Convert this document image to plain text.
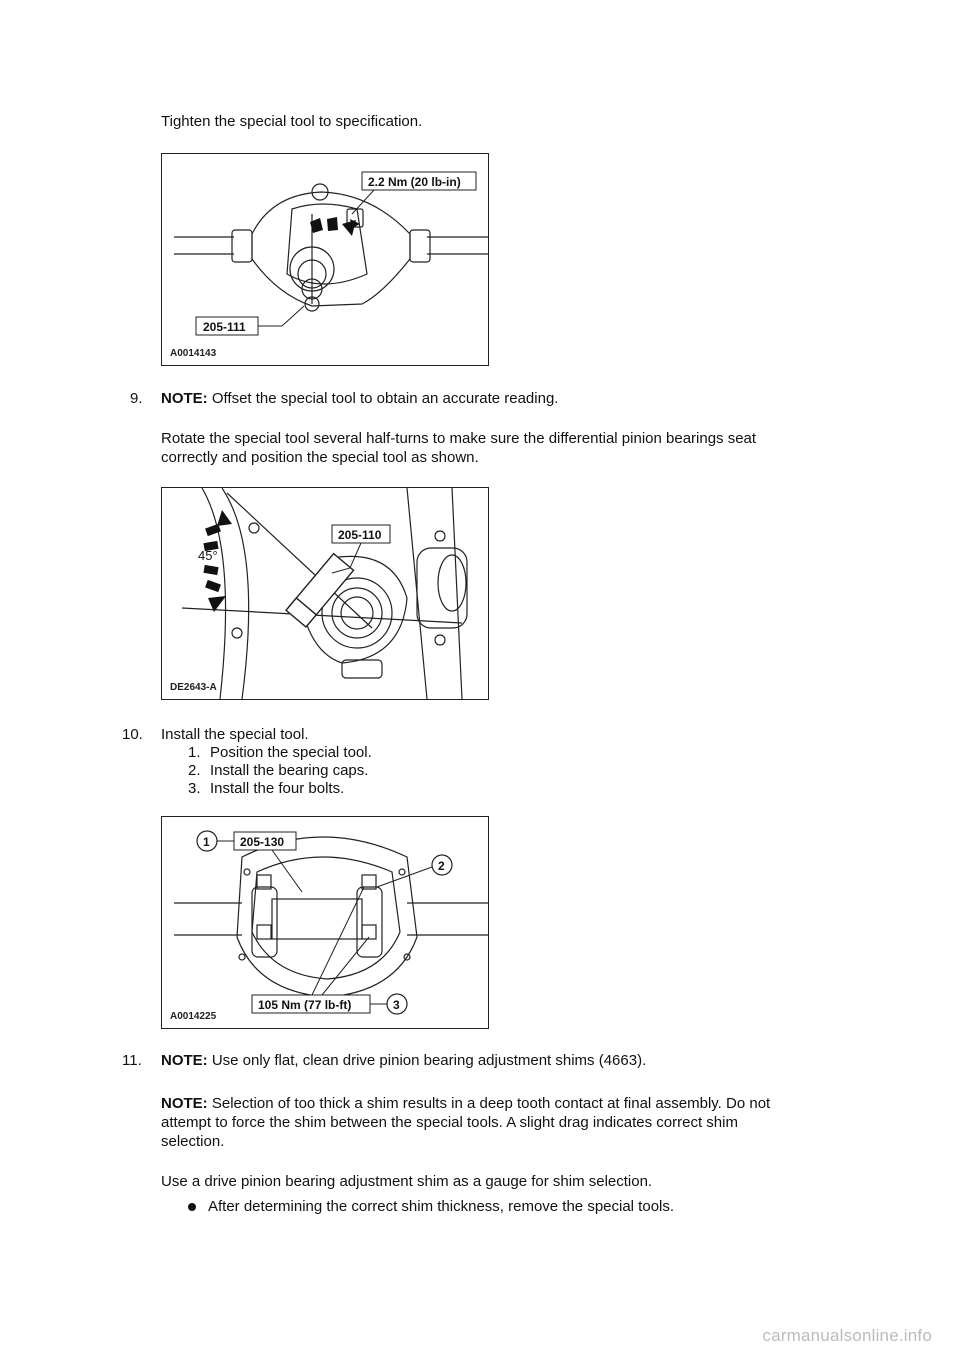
Tighten the special tool to specification.
2.2 Nm (20 lb-in)
205-111
A0014143
9. NOTE: Offset the special tool to obtain an accurate reading.
Rotate the special tool several half-turns to make sure the differential pinion bearings seat
correctly and position the special tool as shown.
45°
205-110
DE2643-A
10. Install the special tool.
1. Position the special tool.
2. Install the bearing caps.
3. Install the four bolts.
1	205-130
2
105 Nm (77 lb-ft)	3
A0014225
11. NOTE: Use only flat, clean drive pinion bearing adjustment shims (4663).
NOTE: Selection of too thick a shim results in a deep tooth contact at final assembly. Do not
attempt to force the shim between the special tools. A slight drag indicates correct shim
selection.
Use a drive pinion bearing adjustment shim as a gauge for shim selection.
After determining the correct shim thickness, remove the special tools.
carmanualsonline.info
